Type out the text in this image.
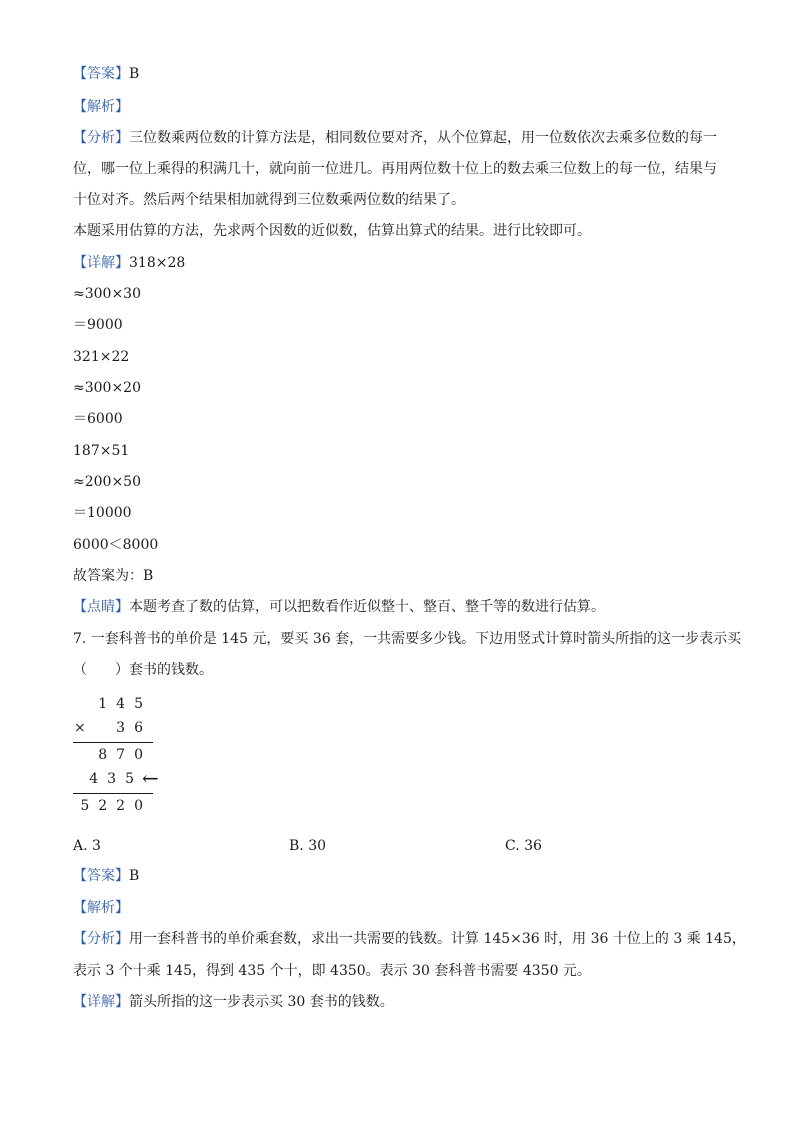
【答案】B
【解析】
【分析】三位数乘两位数的计算方法是，相同数位要对齐，从个位算起，用一位数依次去乘多位数的每一
位，哪一位上乘得的积满几十，就向前一位进几。再用两位数十位上的数去乘三位数上的每一位，结果与
十位对齐。然后两个结果相加就得到三位数乘两位数的结果了。
本题采用估算的方法，先求两个因数的近似数，估算出算式的结果。进行比较即可。
【详解】318×28
≈300×30
＝9000
321×22
≈300×20
＝6000
187×51
≈200×50
＝10000
6000＜8000
故答案为：B
【点睛】本题考查了数的估算，可以把数看作近似整十、整百、整千等的数进行估算。
7. 一套科普书的单价是 145 元，要买 36 套，一共需要多少钱。下边用竖式计算时箭头所指的这一步表示买
（　　）套书的钱数。
145
× 36
870
435 ←
5220
A. 3	B. 30	C. 36
【答案】B
【解析】
【分析】用一套科普书的单价乘套数，求出一共需要的钱数。计算 145×36 时，用 36 十位上的 3 乘 145，
表示 3 个十乘 145，得到 435 个十，即 4350。表示 30 套科普书需要 4350 元。
【详解】箭头所指的这一步表示买 30 套书的钱数。
